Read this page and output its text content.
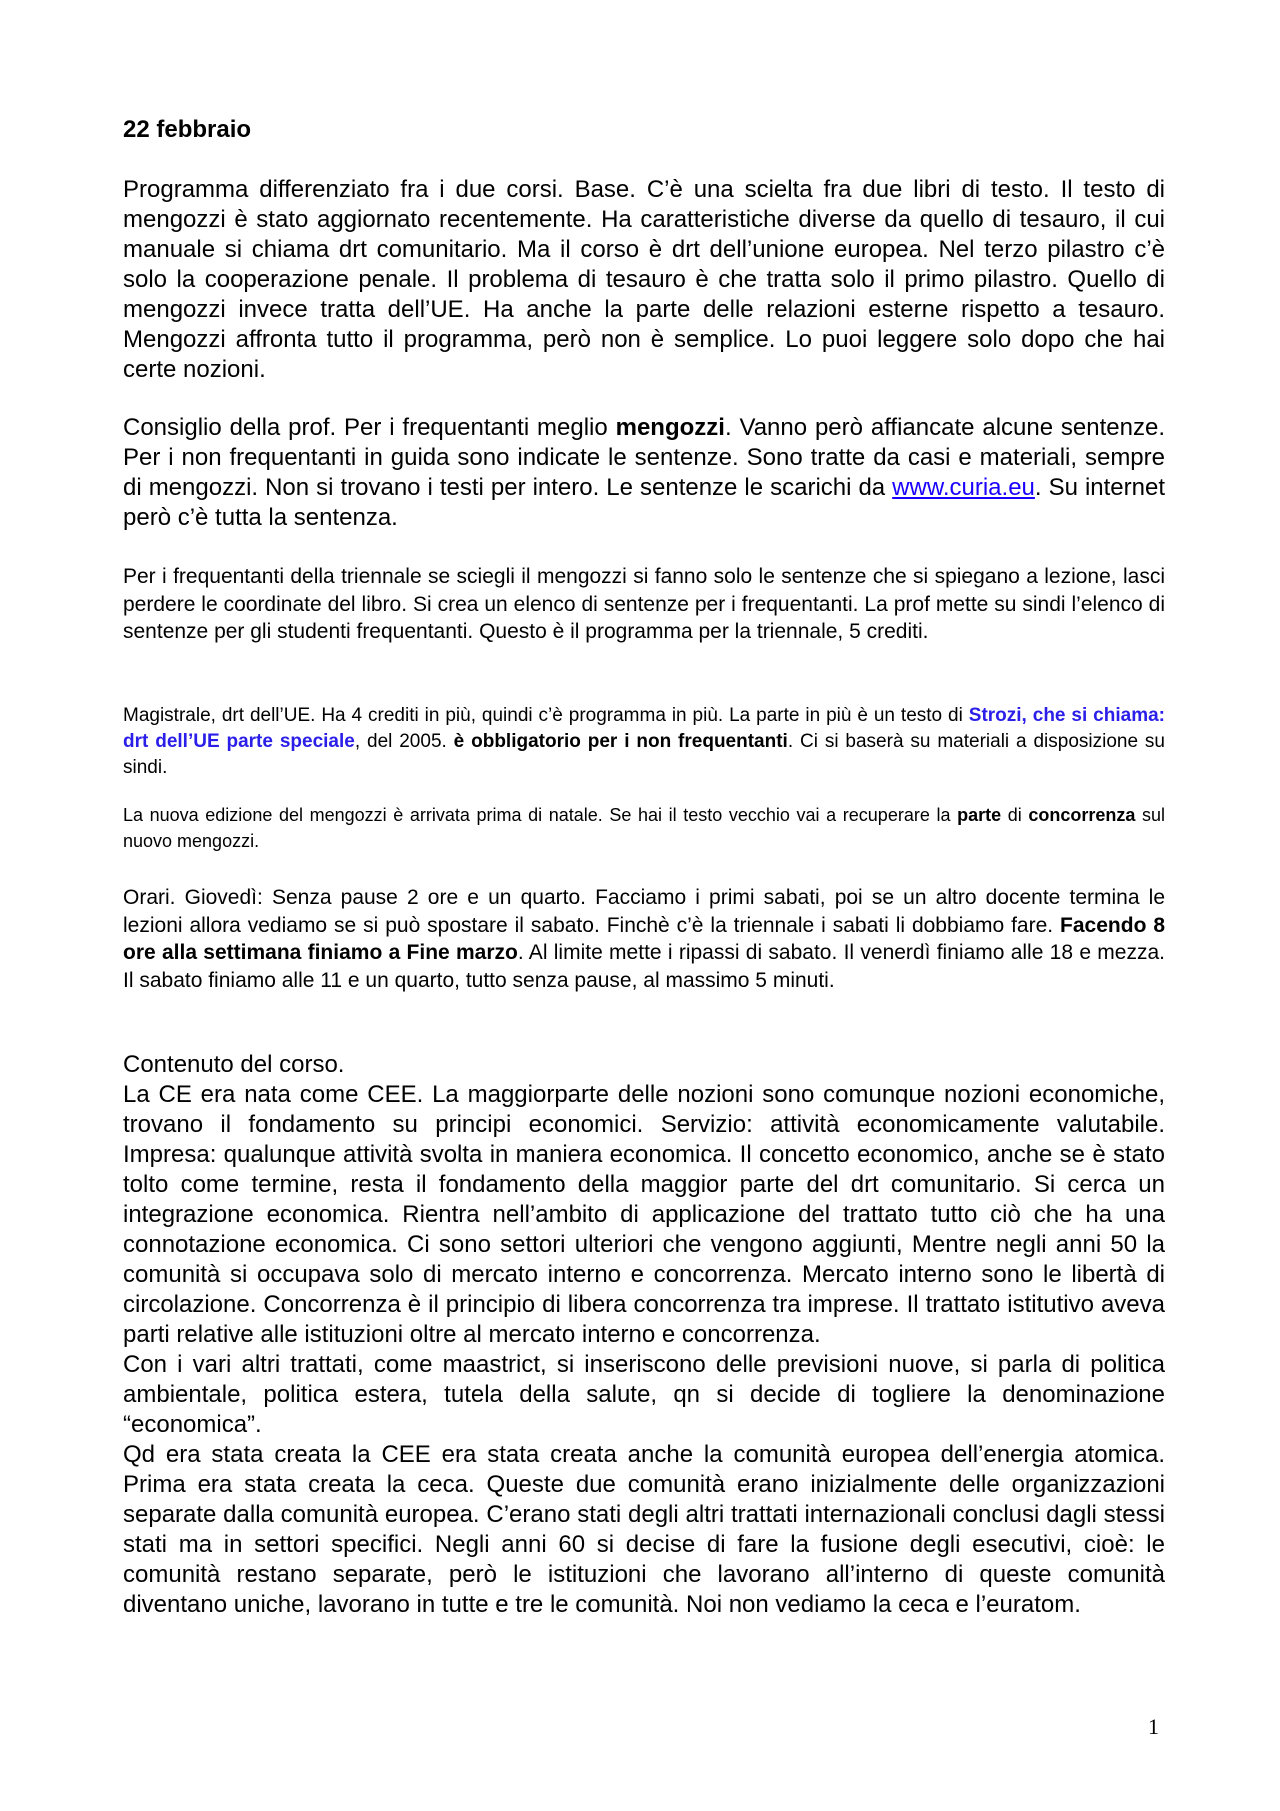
22 febbraio

Programma differenziato fra i due corsi. Base. C’è una scielta fra due libri di testo. Il testo di mengozzi è stato aggiornato recentemente. Ha caratteristiche diverse da quello di tesauro, il cui manuale si chiama drt comunitario. Ma il corso è drt dell’unione europea. Nel terzo pilastro c’è solo la cooperazione penale. Il problema di tesauro è che tratta solo il primo pilastro. Quello di mengozzi invece tratta dell’UE. Ha anche la parte delle relazioni esterne rispetto a tesauro. Mengozzi affronta tutto il programma, però non è semplice. Lo puoi leggere solo dopo che hai certe nozioni.

Consiglio della prof. Per i frequentanti meglio mengozzi. Vanno però affiancate alcune sentenze. Per i non frequentanti in guida sono indicate le sentenze. Sono tratte da casi e materiali, sempre di mengozzi. Non si trovano i testi per intero. Le sentenze le scarichi da www.curia.eu. Su internet però c’è tutta la sentenza.

Per i frequentanti della triennale se sciegli il mengozzi si fanno solo le sentenze che si spiegano a lezione, lasci perdere le coordinate del libro. Si crea un elenco di sentenze per i frequentanti. La prof mette su sindi l’elenco di sentenze per gli studenti frequentanti. Questo è il programma per la triennale, 5 crediti.

Magistrale, drt dell’UE. Ha 4 crediti in più, quindi c’è programma in più. La parte in più è un testo di Strozi, che si chiama: drt dell’UE parte speciale, del 2005. è obbligatorio per i non frequentanti. Ci si baserà su materiali a disposizione su sindi.

La nuova edizione del mengozzi è arrivata prima di natale. Se hai il testo vecchio vai a recuperare la parte di concorrenza sul nuovo mengozzi.

Orari. Giovedì: Senza pause 2 ore e un quarto. Facciamo i primi sabati, poi se un altro docente termina le lezioni allora vediamo se si può spostare il sabato. Finchè c’è la triennale i sabati li dobbiamo fare. Facendo 8 ore alla settimana finiamo a Fine marzo. Al limite mette i ripassi di sabato. Il venerdì finiamo alle 18 e mezza. Il sabato finiamo alle 11 e un quarto, tutto senza pause, al massimo 5 minuti.

Contenuto del corso.

La CE era nata come CEE. La maggiorparte delle nozioni sono comunque nozioni economiche, trovano il fondamento su principi economici. Servizio: attività economicamente valutabile. Impresa: qualunque attività svolta in maniera economica. Il concetto economico, anche se è stato tolto come termine, resta il fondamento della maggior parte del drt comunitario. Si cerca un integrazione economica. Rientra nell’ambito di applicazione del trattato tutto ciò che ha una connotazione economica. Ci sono settori ulteriori che vengono aggiunti, Mentre negli anni 50 la comunità si occupava solo di mercato interno e concorrenza. Mercato interno sono le libertà di circolazione. Concorrenza è il principio di libera concorrenza tra imprese. Il trattato istitutivo aveva parti relative alle istituzioni oltre al mercato interno e concorrenza.

Con i vari altri trattati, come maastrict, si inseriscono delle previsioni nuove, si parla di politica ambientale, politica estera, tutela della salute, qn si decide di togliere la denominazione “economica”.

Qd era stata creata la CEE era stata creata anche la comunità europea dell’energia atomica. Prima era stata creata la ceca. Queste due comunità erano inizialmente delle organizzazioni separate dalla comunità europea. C’erano stati degli altri trattati internazionali conclusi dagli stessi stati ma in settori specifici. Negli anni 60 si decise di fare la fusione degli esecutivi, cioè: le comunità restano separate, però le istituzioni che lavorano all’interno di queste comunità diventano uniche, lavorano in tutte e tre le comunità. Noi non vediamo la ceca e l’euratom.

1
